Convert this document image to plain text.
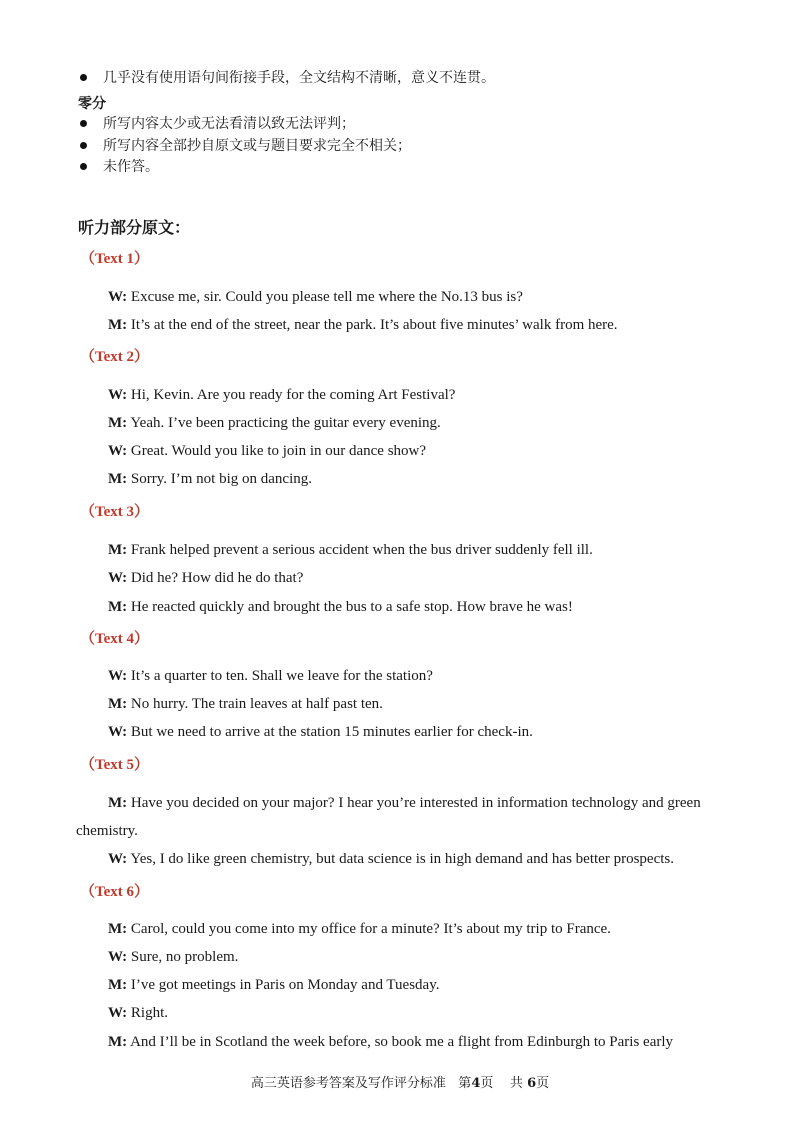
几乎没有使用语句间衔接手段，全文结构不清晰，意义不连贯。
零分
所写内容太少或无法看清以致无法评判；
所写内容全部抄自原文或与题目要求完全不相关；
未作答。
听力部分原文：
（Text 1）
W: Excuse me, sir. Could you please tell me where the No.13 bus is?
M: It’s at the end of the street, near the park. It’s about five minutes’ walk from here.
（Text 2）
W: Hi, Kevin. Are you ready for the coming Art Festival?
M: Yeah. I’ve been practicing the guitar every evening.
W: Great. Would you like to join in our dance show?
M: Sorry. I’m not big on dancing.
（Text 3）
M: Frank helped prevent a serious accident when the bus driver suddenly fell ill.
W: Did he? How did he do that?
M: He reacted quickly and brought the bus to a safe stop. How brave he was!
（Text 4）
W: It’s a quarter to ten. Shall we leave for the station?
M: No hurry. The train leaves at half past ten.
W: But we need to arrive at the station 15 minutes earlier for check-in.
（Text 5）
M: Have you decided on your major? I hear you’re interested in information technology and green chemistry.
W: Yes, I do like green chemistry, but data science is in high demand and has better prospects.
（Text 6）
M: Carol, could you come into my office for a minute? It’s about my trip to France.
W: Sure, no problem.
M: I’ve got meetings in Paris on Monday and Tuesday.
W: Right.
M: And I’ll be in Scotland the week before, so book me a flight from Edinburgh to Paris early
高三英语参考答案及写作评分标准 第4页 共 6页
